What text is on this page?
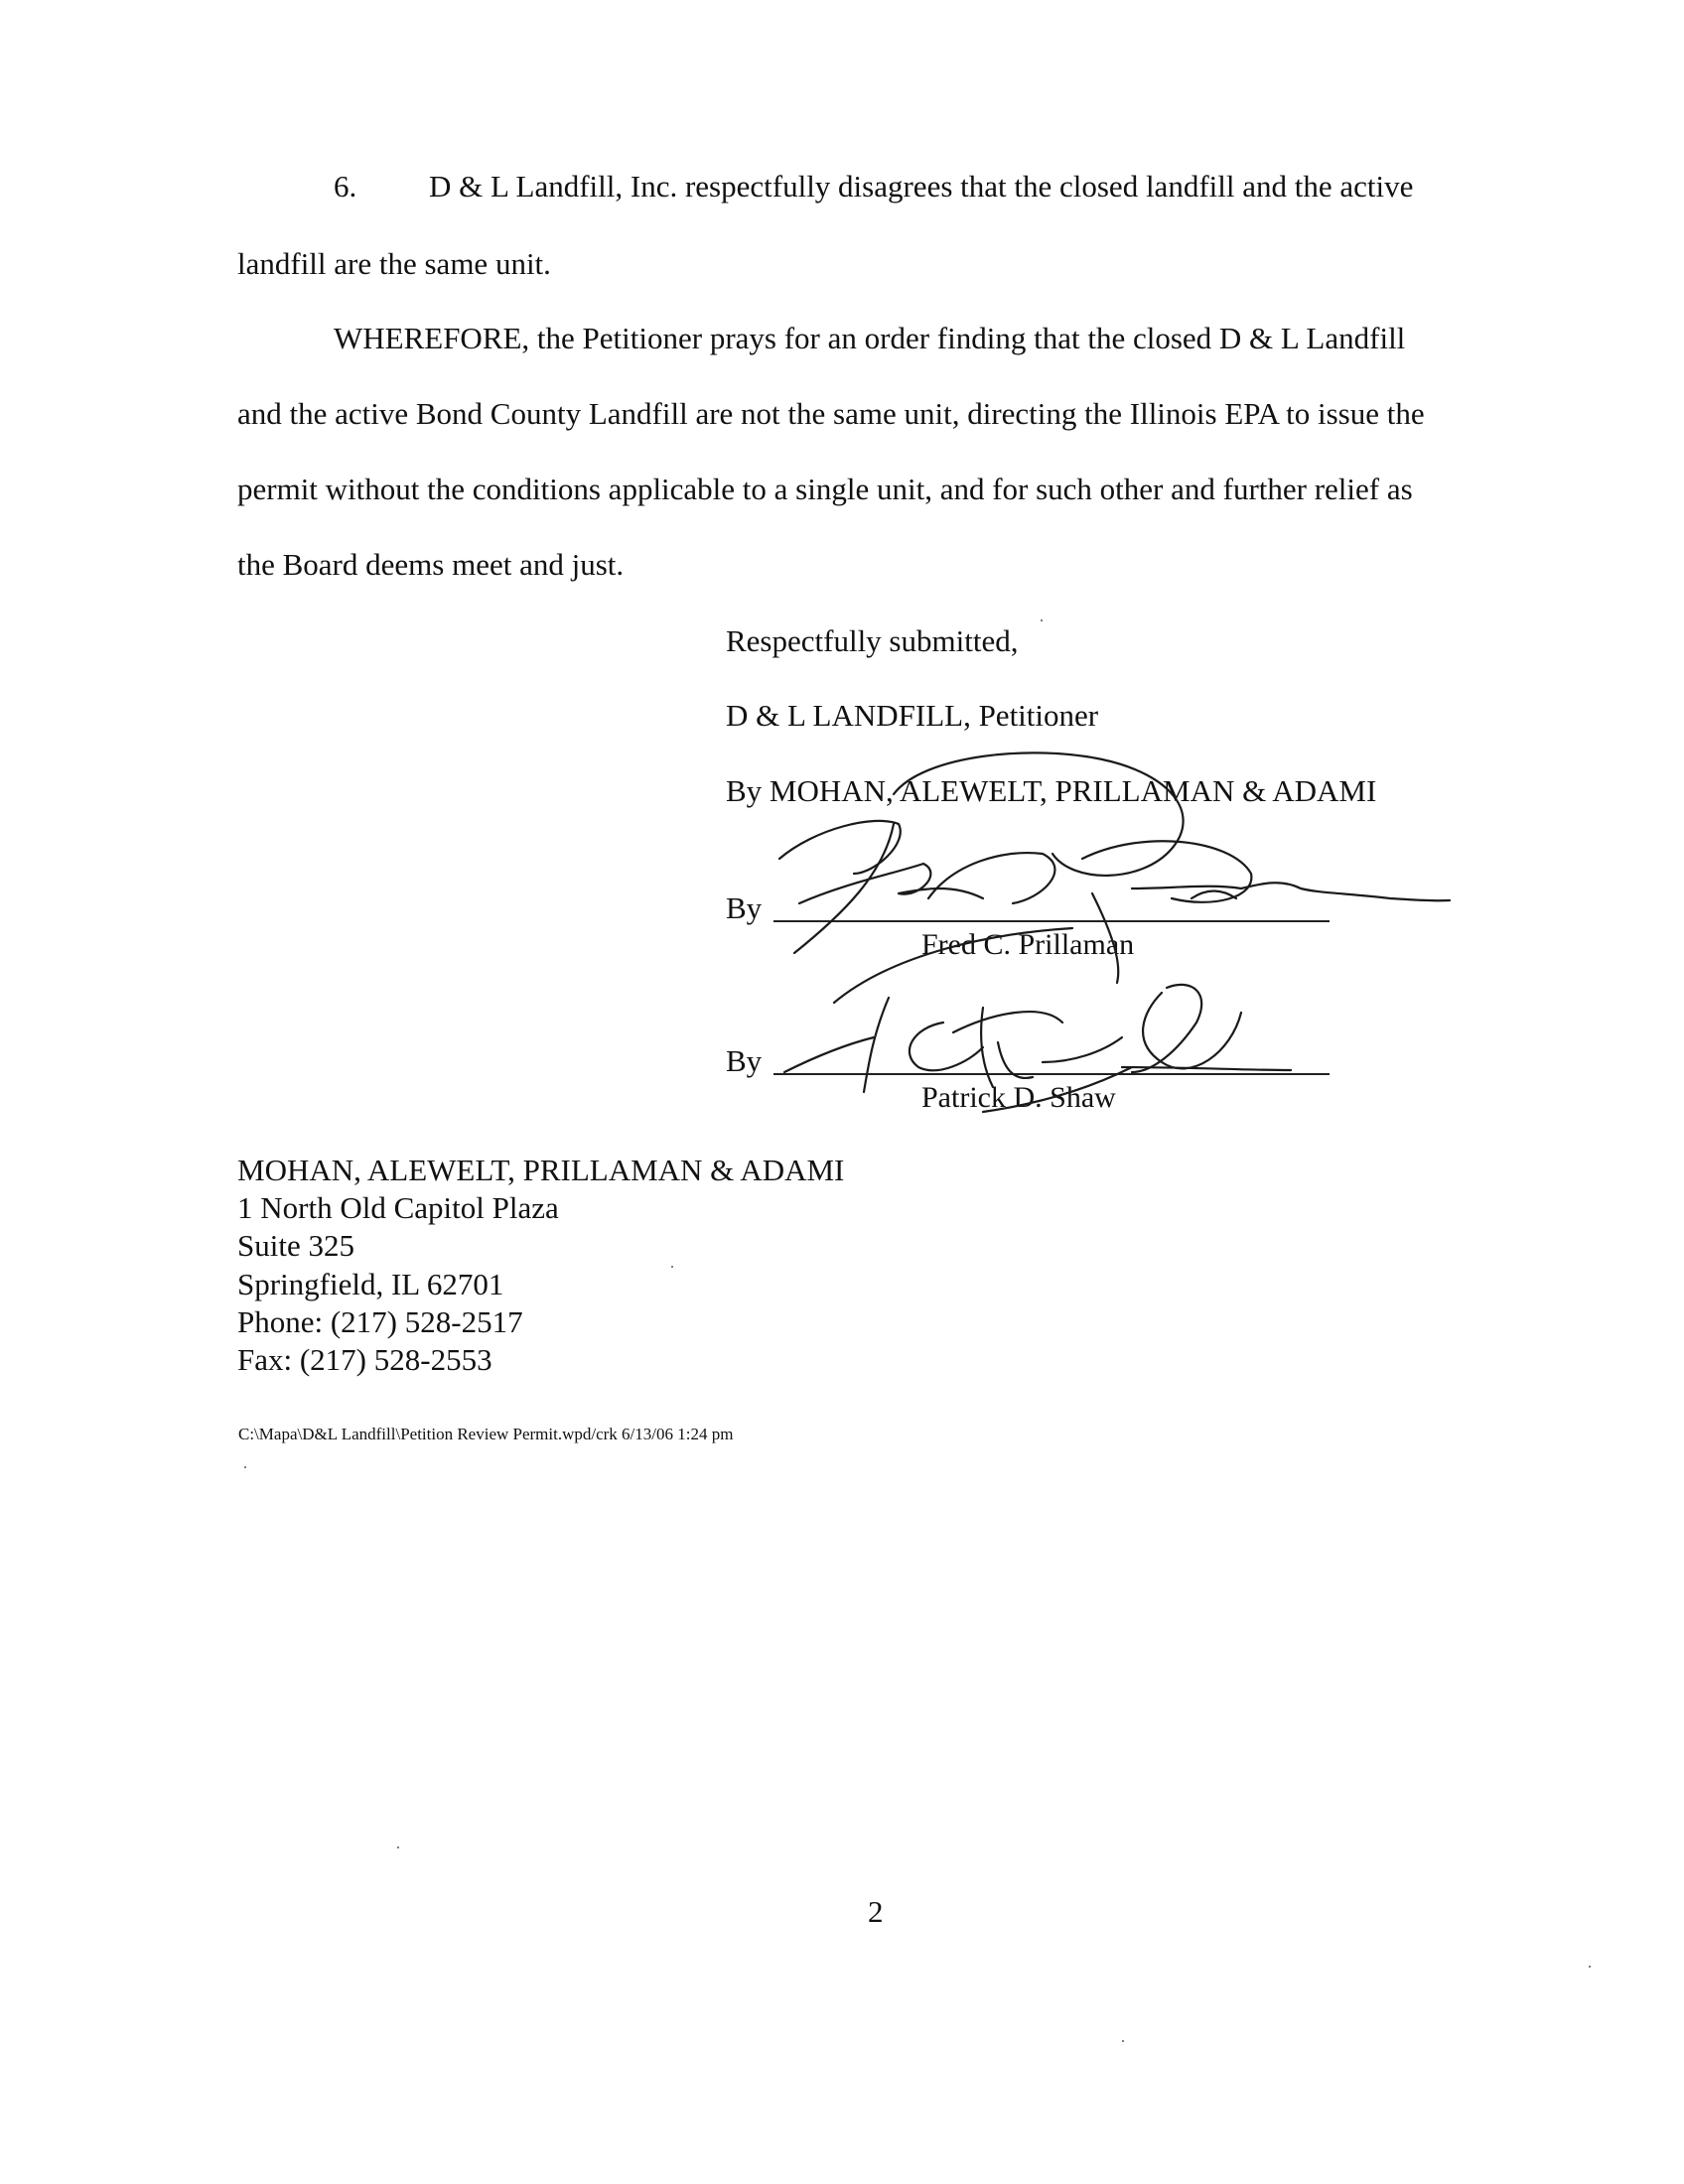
6. D & L Landfill, Inc. respectfully disagrees that the closed landfill and the active
landfill are the same unit.
WHEREFORE, the Petitioner prays for an order finding that the closed D & L Landfill
and the active Bond County Landfill are not the same unit, directing the Illinois EPA to issue the
permit without the conditions applicable to a single unit, and for such other and further relief as
the Board deems meet and just.
Respectfully submitted,
D & L LANDFILL, Petitioner
By MOHAN, ALEWELT, PRILLAMAN & ADAMI
By
Fred C. Prillaman
By
Patrick D. Shaw
MOHAN, ALEWELT, PRILLAMAN & ADAMI
1 North Old Capitol Plaza
Suite 325
Springfield, IL 62701
Phone: (217) 528-2517
Fax: (217) 528-2553
C:\Mapa\D&L Landfill\Petition Review Permit.wpd/crk 6/13/06 1:24 pm
2
